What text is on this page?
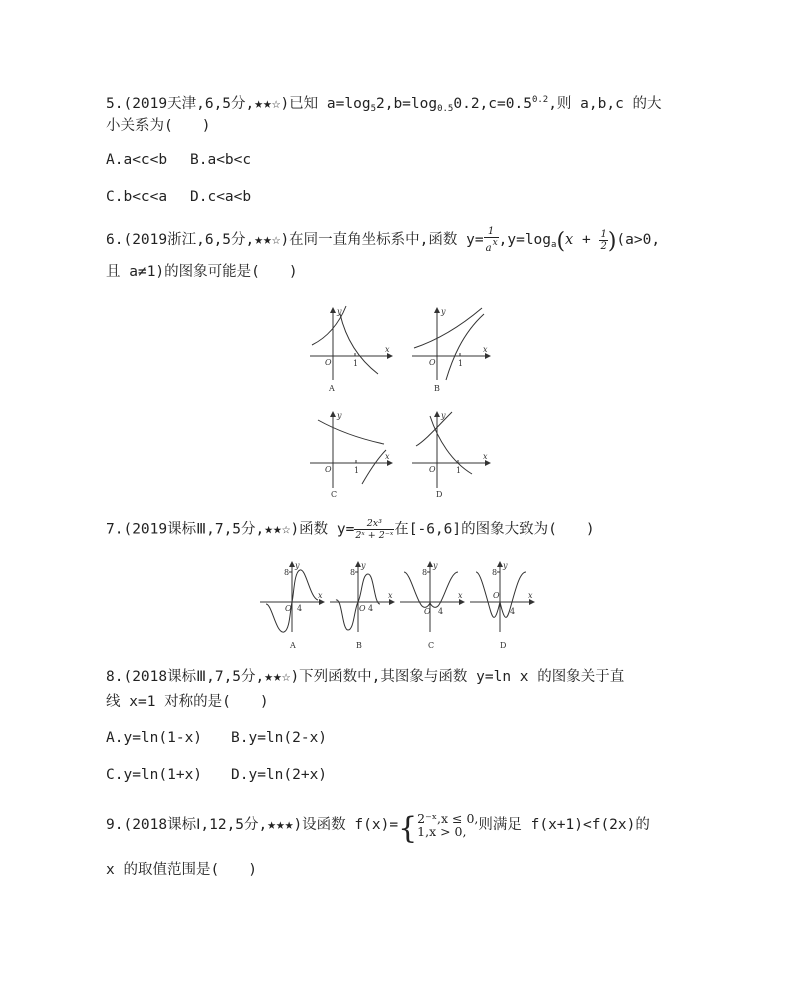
5.(2019天津,6,5分,★★☆)已知 $a=\log_52,b=\log_{0.5}0.2,c=0.5^{0.2}$,则 a,b,c 的大
小关系为(　　)
A.a<c<b B.a<b<c
C.b<c<a D.c<a<b
6.(2019浙江,6,5分,★★☆)在同一直角坐标系中,函数 $y= \frac{1}{a^x} ,y=\log_a(x + \frac{1}{2} )(a>0$,
且 a≠1)的图象可能是(　　)
y
x
O	1
A
y
x
O	1
B
y
x
O	1
C
y
x
O	1
D
7.(2019课标Ⅲ,7,5分,★★☆)函数 $y= \frac{\text{2x³}}{\text{2ˣ + 2⁻ˣ}}$ 在[-6,6]的图象大致为(　　)
y
x
O 4
8
A
y
x
O 4
8
B
y
x
O 4
8
C
y
x
O
4
8
D
8.(2018课标Ⅲ,7,5分,★★☆)下列函数中,其图象与函数 y=ln x 的图象关于直
线 x=1 对称的是(　　)
A.y=ln(1-x) B.y=ln(2-x)
C.y=ln(1+x) D.y=ln(2+x)
9.(2018课标Ⅰ,12,5分,★★★)设函数 f(x)={ 2⁻ˣ,x ≤ 0,
1,x > 0, 则满足 f(x+1)<f(2x)的
x 的取值范围是(　　)
